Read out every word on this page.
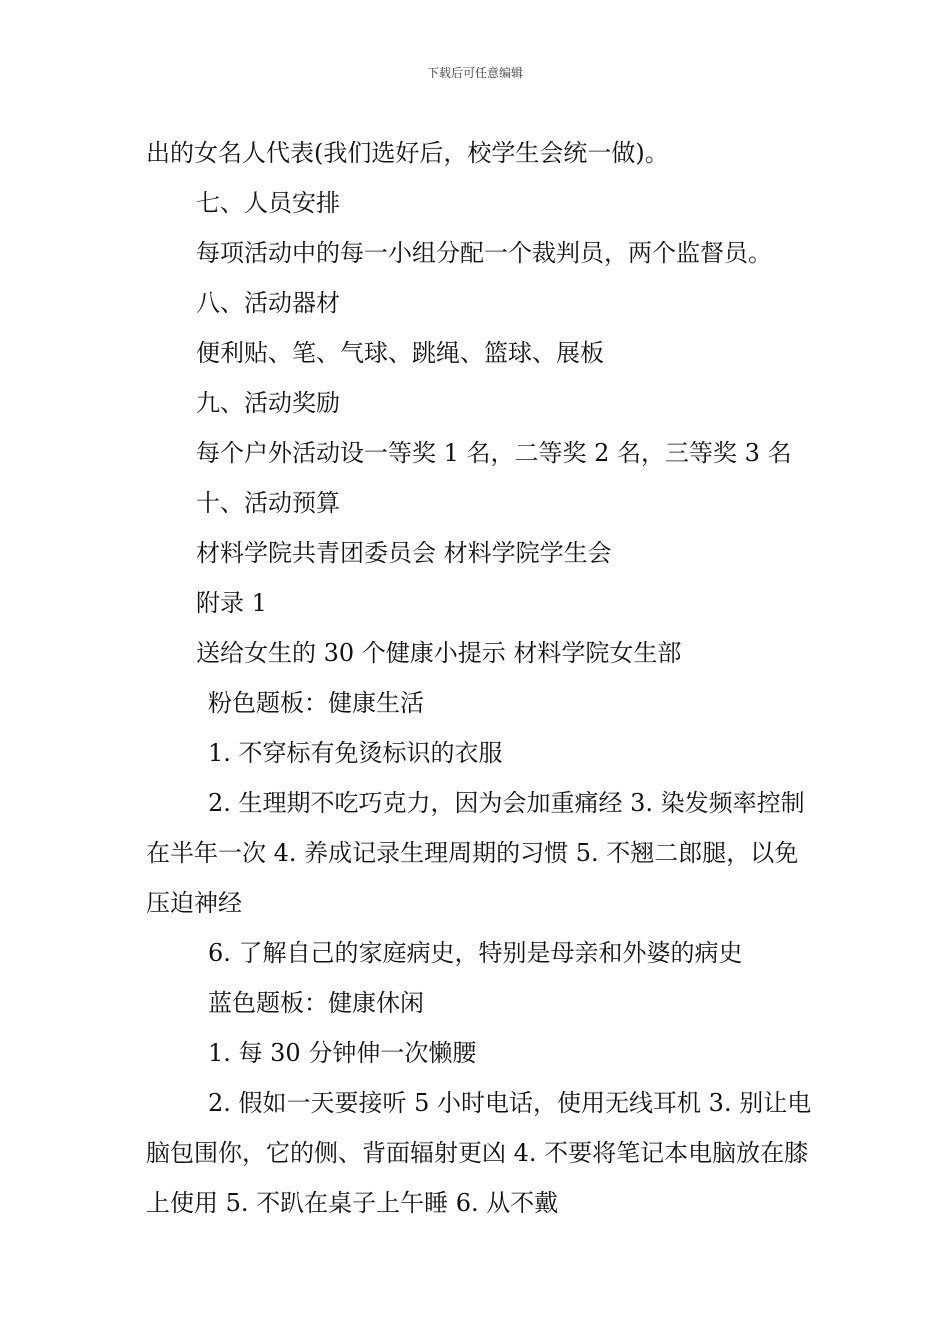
下载后可任意编辑
出的女名人代表(我们选好后，校学生会统一做)。
七、人员安排
每项活动中的每一小组分配一个裁判员，两个监督员。
八、活动器材
便利贴、笔、气球、跳绳、篮球、展板
九、活动奖励
每个户外活动设一等奖 1 名，二等奖 2 名，三等奖 3 名
十、活动预算
材料学院共青团委员会 材料学院学生会
附录 1
送给女生的 30 个健康小提示 材料学院女生部
粉色题板：健康生活
1. 不穿标有免烫标识的衣服
2. 生理期不吃巧克力，因为会加重痛经 3. 染发频率控制在半年一次 4. 养成记录生理周期的习惯 5. 不翘二郎腿，以免压迫神经
6. 了解自己的家庭病史，特别是母亲和外婆的病史
蓝色题板：健康休闲
1. 每 30 分钟伸一次懒腰
2. 假如一天要接听 5 小时电话，使用无线耳机 3. 别让电脑包围你，它的侧、背面辐射更凶 4. 不要将笔记本电脑放在膝上使用 5. 不趴在桌子上午睡 6. 从不戴
